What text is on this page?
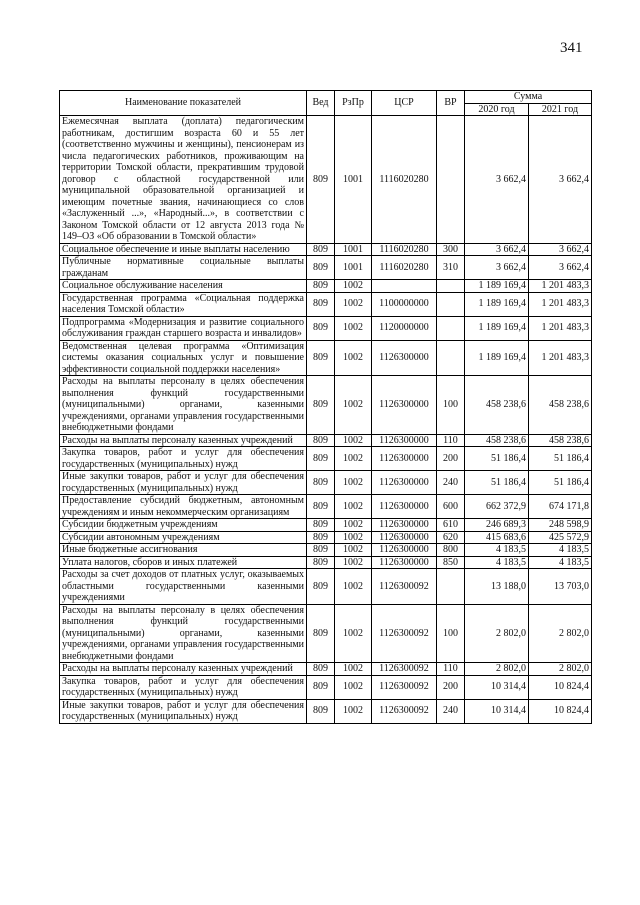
341
Наименование показателей	Вед	РзПр	ЦСР	ВР	Сумма	
					2020 год	2021 год
Ежемесячная выплата (доплата) педагогическим работникам, достигшим возраста 60 и 55 лет (соответственно мужчины и женщины), пенсионерам из числа педагогических работников, проживающим на территории Томской области, прекратившим трудовой договор с областной государственной или муниципальной образовательной организацией и имеющим почетные звания, начинающиеся со слов «Заслуженный ...», «Народный...», в соответствии с Законом Томской области от 12 августа 2013 года № 149–ОЗ «Об образовании в Томской области»	809	1001	1116020280		3 662,4	3 662,4
Социальное обеспечение и иные выплаты населению	809	1001	1116020280	300	3 662,4	3 662,4
Публичные нормативные социальные выплаты гражданам	809	1001	1116020280	310	3 662,4	3 662,4
Социальное обслуживание населения	809	1002			1 189 169,4	1 201 483,3
Государственная программа «Социальная поддержка населения Томской области»	809	1002	1100000000		1 189 169,4	1 201 483,3
Подпрограмма «Модернизация и развитие социального обслуживания граждан старшего возраста и инвалидов»	809	1002	1120000000		1 189 169,4	1 201 483,3
Ведомственная целевая программа «Оптимизация системы оказания социальных услуг и повышение эффективности социальной поддержки населения»	809	1002	1126300000		1 189 169,4	1 201 483,3
Расходы на выплаты персоналу в целях обеспечения выполнения функций государственными (муниципальными) органами, казенными учреждениями, органами управления государственными внебюджетными фондами	809	1002	1126300000	100	458 238,6	458 238,6
Расходы на выплаты персоналу казенных учреждений	809	1002	1126300000	110	458 238,6	458 238,6
Закупка товаров, работ и услуг для обеспечения государственных (муниципальных) нужд	809	1002	1126300000	200	51 186,4	51 186,4
Иные закупки товаров, работ и услуг для обеспечения государственных (муниципальных) нужд	809	1002	1126300000	240	51 186,4	51 186,4
Предоставление субсидий бюджетным, автономным учреждениям и иным некоммерческим организациям	809	1002	1126300000	600	662 372,9	674 171,8
Субсидии бюджетным учреждениям	809	1002	1126300000	610	246 689,3	248 598,9
Субсидии автономным учреждениям	809	1002	1126300000	620	415 683,6	425 572,9
Иные бюджетные ассигнования	809	1002	1126300000	800	4 183,5	4 183,5
Уплата налогов, сборов и иных платежей	809	1002	1126300000	850	4 183,5	4 183,5
Расходы за счет доходов от платных услуг, оказываемых областными государственными казенными учреждениями	809	1002	1126300092		13 188,0	13 703,0
Расходы на выплаты персоналу в целях обеспечения выполнения функций государственными (муниципальными) органами, казенными учреждениями, органами управления государственными внебюджетными фондами	809	1002	1126300092	100	2 802,0	2 802,0
Расходы на выплаты персоналу казенных учреждений	809	1002	1126300092	110	2 802,0	2 802,0
Закупка товаров, работ и услуг для обеспечения государственных (муниципальных) нужд	809	1002	1126300092	200	10 314,4	10 824,4
Иные закупки товаров, работ и услуг для обеспечения государственных (муниципальных) нужд	809	1002	1126300092	240	10 314,4	10 824,4
